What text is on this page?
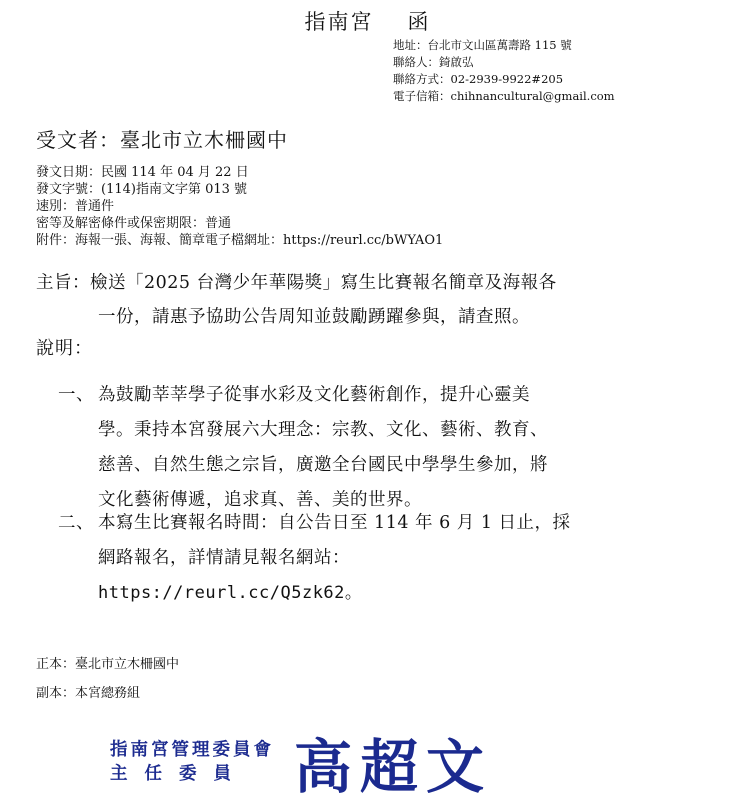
指南宮 函
地址：台北市文山區萬壽路 115 號
聯絡人：錡啟弘
聯絡方式：02-2939-9922#205
電子信箱：chihnancultural@gmail.com
受文者：臺北市立木柵國中
發文日期：民國 114 年 04 月 22 日
發文字號：(114)指南文字第 013 號
速別：普通件
密等及解密條件或保密期限：普通
附件：海報一張、海報、簡章電子檔網址：https://reurl.cc/bWYAO1
主旨：檢送「2025 台灣少年華陽獎」寫生比賽報名簡章及海報各
一份，請惠予協助公告周知並鼓勵踴躍參與，請查照。
說明：
一、 為鼓勵莘莘學子從事水彩及文化藝術創作，提升心靈美
學。秉持本宮發展六大理念：宗教、文化、藝術、教育、
慈善、自然生態之宗旨，廣邀全台國民中學學生參加，將
文化藝術傳遞，追求真、善、美的世界。
二、 本寫生比賽報名時間：自公告日至 114 年 6 月 1 日止，採
網路報名，詳情請見報名網站：
https://reurl.cc/Q5zk62。
正本：臺北市立木柵國中
副本：本宮總務組
指南宮管理委員會
主任委員 高超文
